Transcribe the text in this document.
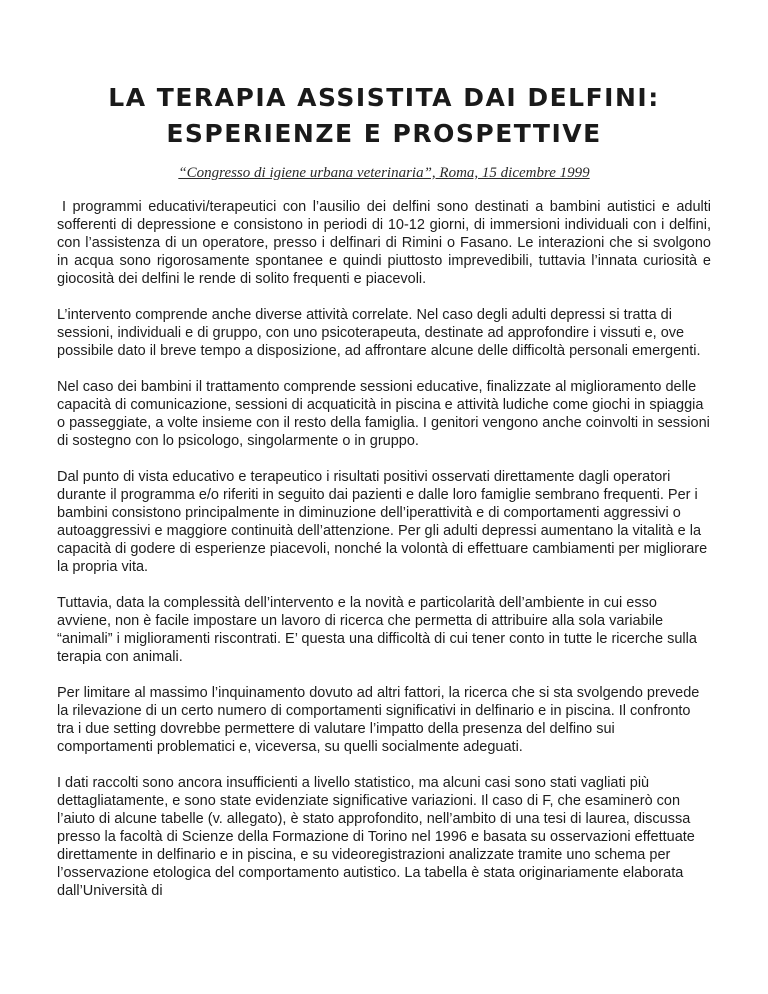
LA TERAPIA ASSISTITA DAI DELFINI:
ESPERIENZE E PROSPETTIVE

“Congresso di igiene urbana veterinaria”, Roma, 15 dicembre 1999

I programmi educativi/terapeutici con l’ausilio dei delfini sono destinati a bambini autistici e adulti sofferenti di depressione e consistono in periodi di 10-12 giorni, di immersioni individuali con i delfini, con l’assistenza di un operatore, presso i delfinari di Rimini o Fasano. Le interazioni che si svolgono in acqua sono rigorosamente spontanee e quindi piuttosto imprevedibili, tuttavia l’innata curiosità e giocosità dei delfini le rende di solito frequenti e piacevoli.

L’intervento comprende anche diverse attività correlate. Nel caso degli adulti depressi si tratta di sessioni, individuali e di gruppo, con uno psicoterapeuta, destinate ad approfondire i vissuti e, ove possibile dato il breve tempo a disposizione, ad affrontare alcune delle difficoltà personali emergenti.

Nel caso dei bambini il trattamento comprende sessioni educative, finalizzate al miglioramento delle capacità di comunicazione, sessioni di acquaticità in piscina e attività ludiche come giochi in spiaggia o passeggiate, a volte insieme con il resto della famiglia. I genitori vengono anche coinvolti in sessioni di sostegno con lo psicologo, singolarmente o in gruppo.

Dal punto di vista educativo e terapeutico i risultati positivi osservati direttamente dagli operatori durante il programma e/o riferiti in seguito dai pazienti e dalle loro famiglie sembrano frequenti. Per i bambini consistono principalmente in diminuzione dell’iperattività e di comportamenti aggressivi o autoaggressivi e maggiore continuità dell’attenzione. Per gli adulti depressi aumentano la vitalità e la capacità di godere di esperienze piacevoli, nonché la volontà di effettuare cambiamenti per migliorare la propria vita.

Tuttavia, data la complessità dell’intervento e la novità e particolarità dell’ambiente in cui esso avviene, non è facile impostare un lavoro di ricerca che permetta di attribuire alla sola variabile “animali” i miglioramenti riscontrati. E’ questa una difficoltà di cui tener conto in tutte le ricerche sulla terapia con animali.

Per limitare al massimo l’inquinamento dovuto ad altri fattori, la ricerca che si sta svolgendo prevede la rilevazione di un certo numero di comportamenti significativi in delfinario e in piscina. Il confronto tra i due setting dovrebbe permettere di valutare l’impatto della presenza del delfino sui comportamenti problematici e, viceversa, su quelli socialmente adeguati.

I dati raccolti sono ancora insufficienti a livello statistico, ma alcuni casi sono stati vagliati più dettagliatamente, e sono state evidenziate significative variazioni. Il caso di F, che esaminerò con l’aiuto di alcune tabelle (v. allegato), è stato approfondito, nell’ambito di una tesi di laurea, discussa presso la facoltà di Scienze della Formazione di Torino nel 1996 e basata su osservazioni effettuate direttamente in delfinario e in piscina, e su videoregistrazioni analizzate tramite uno schema per l’osservazione etologica del comportamento autistico. La tabella è stata originariamente elaborata dall’Università di
